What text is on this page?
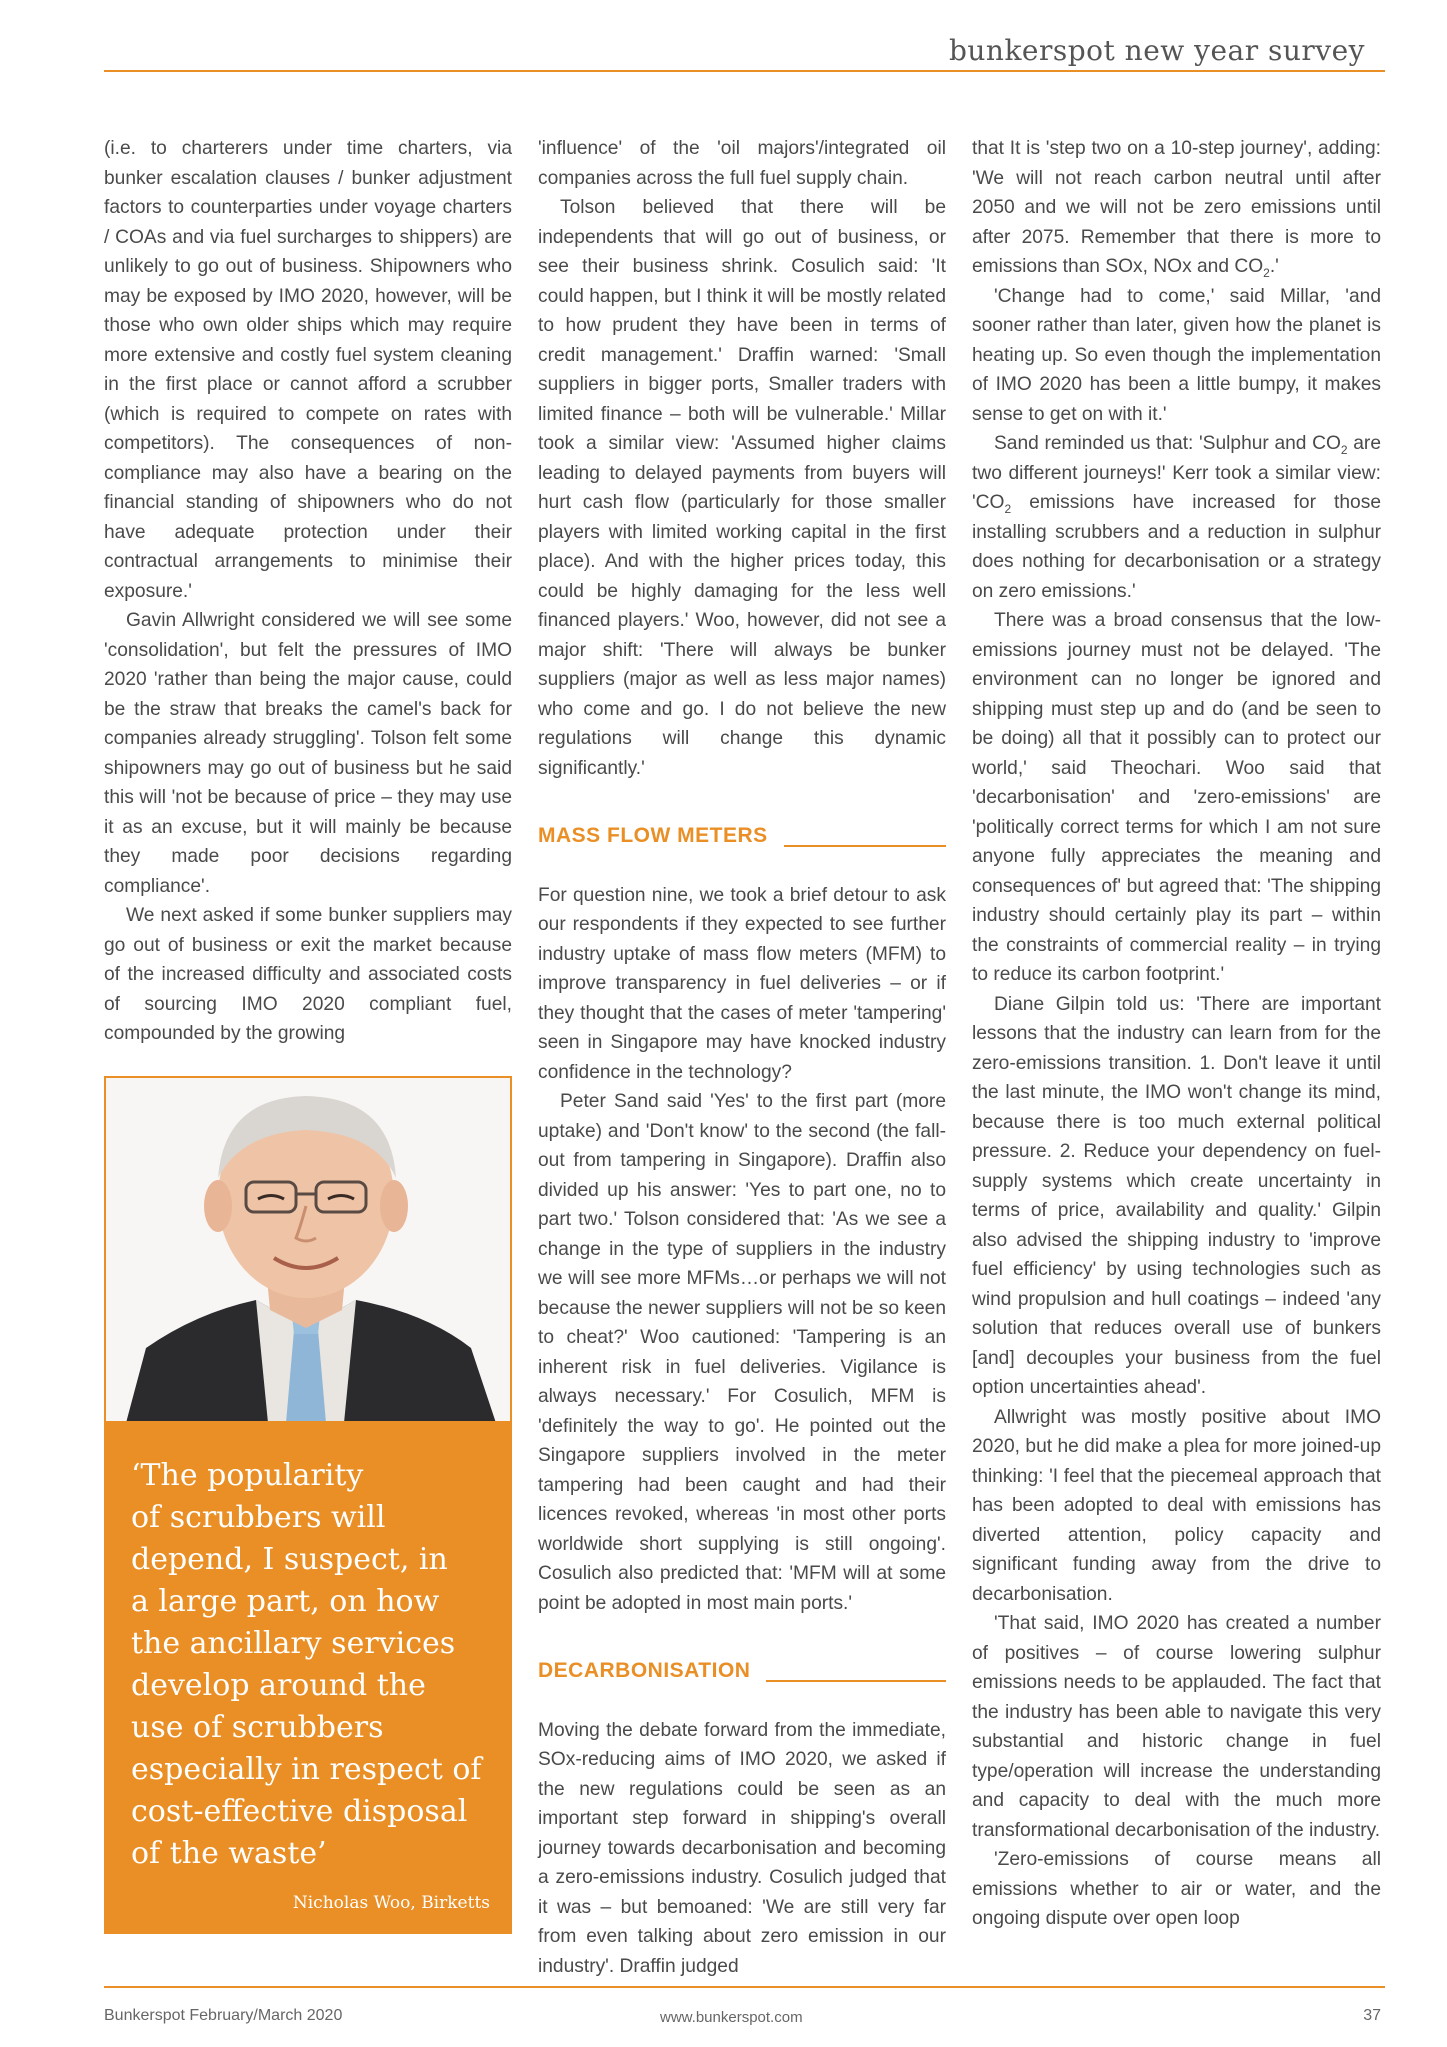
bunkerspot new year survey

(i.e. to charterers under time charters, via bunker escalation clauses / bunker adjustment factors to counterparties under voyage charters / COAs and via fuel surcharges to shippers) are unlikely to go out of business. Shipowners who may be exposed by IMO 2020, however, will be those who own older ships which may require more extensive and costly fuel system cleaning in the first place or cannot afford a scrubber (which is required to compete on rates with competitors). The consequences of non-compliance may also have a bearing on the financial standing of shipowners who do not have adequate protection under their contractual arrangements to minimise their exposure.'

Gavin Allwright considered we will see some 'consolidation', but felt the pressures of IMO 2020 'rather than being the major cause, could be the straw that breaks the camel's back for companies already struggling'. Tolson felt some shipowners may go out of business but he said this will 'not be because of price – they may use it as an excuse, but it will mainly be because they made poor decisions regarding compliance'.

We next asked if some bunker suppliers may go out of business or exit the market because of the increased difficulty and associated costs of sourcing IMO 2020 compliant fuel, compounded by the growing

‘The popularity
of scrubbers will
depend, I suspect, in
a large part, on how
the ancillary services
develop around the
use of scrubbers
especially in respect of
cost-effective disposal
of the waste’
Nicholas Woo, Birketts

'influence' of the 'oil majors'/integrated oil companies across the full fuel supply chain.

Tolson believed that there will be independents that will go out of business, or see their business shrink. Cosulich said: 'It could happen, but I think it will be mostly related to how prudent they have been in terms of credit management.' Draffin warned: 'Small suppliers in bigger ports, Smaller traders with limited finance – both will be vulnerable.' Millar took a similar view: 'Assumed higher claims leading to delayed payments from buyers will hurt cash flow (particularly for those smaller players with limited working capital in the first place). And with the higher prices today, this could be highly damaging for the less well financed players.' Woo, however, did not see a major shift: 'There will always be bunker suppliers (major as well as less major names) who come and go. I do not believe the new regulations will change this dynamic significantly.'

MASS FLOW METERS

For question nine, we took a brief detour to ask our respondents if they expected to see further industry uptake of mass flow meters (MFM) to improve transparency in fuel deliveries – or if they thought that the cases of meter 'tampering' seen in Singapore may have knocked industry confidence in the technology?

Peter Sand said 'Yes' to the first part (more uptake) and 'Don't know' to the second (the fall-out from tampering in Singapore). Draffin also divided up his answer: 'Yes to part one, no to part two.' Tolson considered that: 'As we see a change in the type of suppliers in the industry we will see more MFMs…or perhaps we will not because the newer suppliers will not be so keen to cheat?' Woo cautioned: 'Tampering is an inherent risk in fuel deliveries. Vigilance is always necessary.' For Cosulich, MFM is 'definitely the way to go'. He pointed out the Singapore suppliers involved in the meter tampering had been caught and had their licences revoked, whereas 'in most other ports worldwide short supplying is still ongoing'. Cosulich also predicted that: 'MFM will at some point be adopted in most main ports.'

DECARBONISATION

Moving the debate forward from the immediate, SOx-reducing aims of IMO 2020, we asked if the new regulations could be seen as an important step forward in shipping's overall journey towards decarbonisation and becoming a zero-emissions industry. Cosulich judged that it was – but bemoaned: 'We are still very far from even talking about zero emission in our industry'. Draffin judged

that It is 'step two on a 10-step journey', adding: 'We will not reach carbon neutral until after 2050 and we will not be zero emissions until after 2075. Remember that there is more to emissions than SOx, NOx and $CO_2.'$

'Change had to come,' said Millar, 'and sooner rather than later, given how the planet is heating up. So even though the implementation of IMO 2020 has been a little bumpy, it makes sense to get on with it.'

Sand reminded us that: 'Sulphur and $CO_2$ are two different journeys!' Kerr took a similar view: '$CO_2$ emissions have increased for those installing scrubbers and a reduction in sulphur does nothing for decarbonisation or a strategy on zero emissions.'

There was a broad consensus that the low-emissions journey must not be delayed. 'The environment can no longer be ignored and shipping must step up and do (and be seen to be doing) all that it possibly can to protect our world,' said Theochari. Woo said that 'decarbonisation' and 'zero-emissions' are 'politically correct terms for which I am not sure anyone fully appreciates the meaning and consequences of' but agreed that: 'The shipping industry should certainly play its part – within the constraints of commercial reality – in trying to reduce its carbon footprint.'

Diane Gilpin told us: 'There are important lessons that the industry can learn from for the zero-emissions transition. 1. Don't leave it until the last minute, the IMO won't change its mind, because there is too much external political pressure. 2. Reduce your dependency on fuel-supply systems which create uncertainty in terms of price, availability and quality.' Gilpin also advised the shipping industry to 'improve fuel efficiency' by using technologies such as wind propulsion and hull coatings – indeed 'any solution that reduces overall use of bunkers [and] decouples your business from the fuel option uncertainties ahead'.

Allwright was mostly positive about IMO 2020, but he did make a plea for more joined-up thinking: 'I feel that the piecemeal approach that has been adopted to deal with emissions has diverted attention, policy capacity and significant funding away from the drive to decarbonisation.

'That said, IMO 2020 has created a number of positives – of course lowering sulphur emissions needs to be applauded. The fact that the industry has been able to navigate this very substantial and historic change in fuel type/operation will increase the understanding and capacity to deal with the much more transformational decarbonisation of the industry.

'Zero-emissions of course means all emissions whether to air or water, and the ongoing dispute over open loop

Bunkerspot February/March 2020	www.bunkerspot.com	37
